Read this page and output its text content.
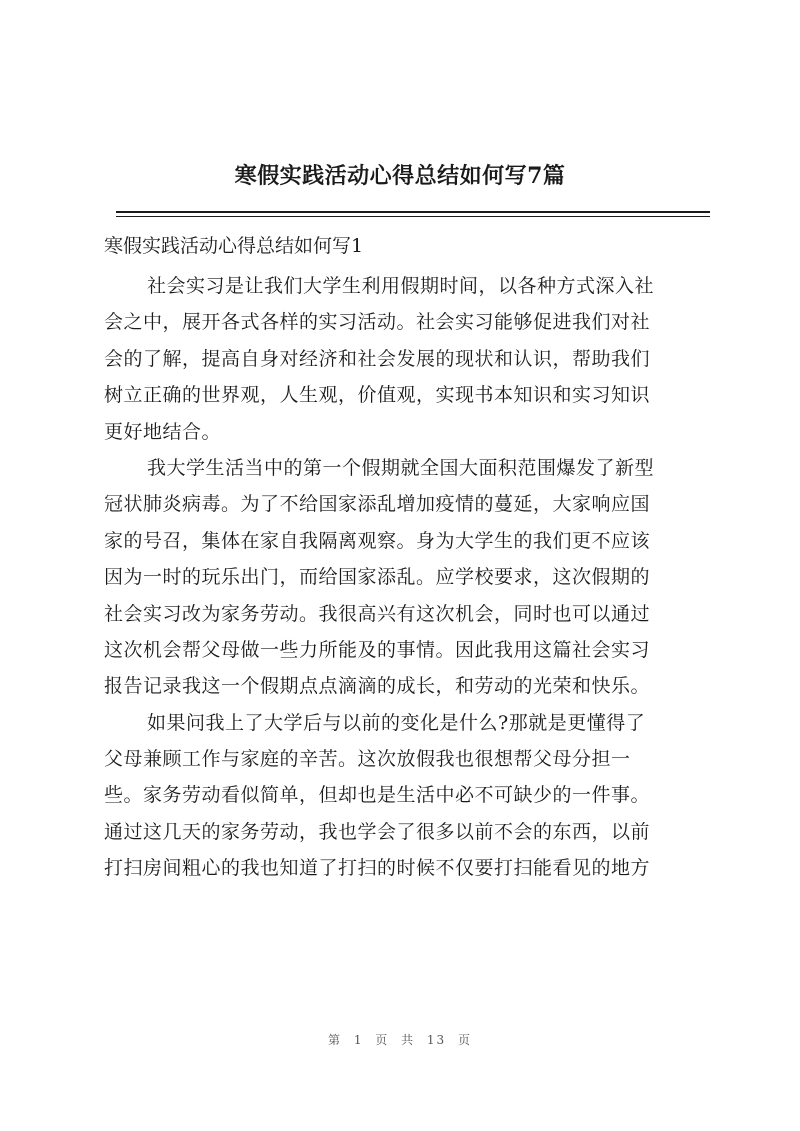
寒假实践活动心得总结如何写7篇
寒假实践活动心得总结如何写1
社会实习是让我们大学生利用假期时间，以各种方式深入社
会之中，展开各式各样的实习活动。社会实习能够促进我们对社
会的了解，提高自身对经济和社会发展的现状和认识，帮助我们
树立正确的世界观，人生观，价值观，实现书本知识和实习知识
更好地结合。
我大学生活当中的第一个假期就全国大面积范围爆发了新型
冠状肺炎病毒。为了不给国家添乱增加疫情的蔓延，大家响应国
家的号召，集体在家自我隔离观察。身为大学生的我们更不应该
因为一时的玩乐出门，而给国家添乱。应学校要求，这次假期的
社会实习改为家务劳动。我很高兴有这次机会，同时也可以通过
这次机会帮父母做一些力所能及的事情。因此我用这篇社会实习
报告记录我这一个假期点点滴滴的成长，和劳动的光荣和快乐。
如果问我上了大学后与以前的变化是什么?那就是更懂得了
父母兼顾工作与家庭的辛苦。这次放假我也很想帮父母分担一
些。家务劳动看似简单，但却也是生活中必不可缺少的一件事。
通过这几天的家务劳动，我也学会了很多以前不会的东西，以前
打扫房间粗心的我也知道了打扫的时候不仅要打扫能看见的地方
第 1 页 共 13 页
